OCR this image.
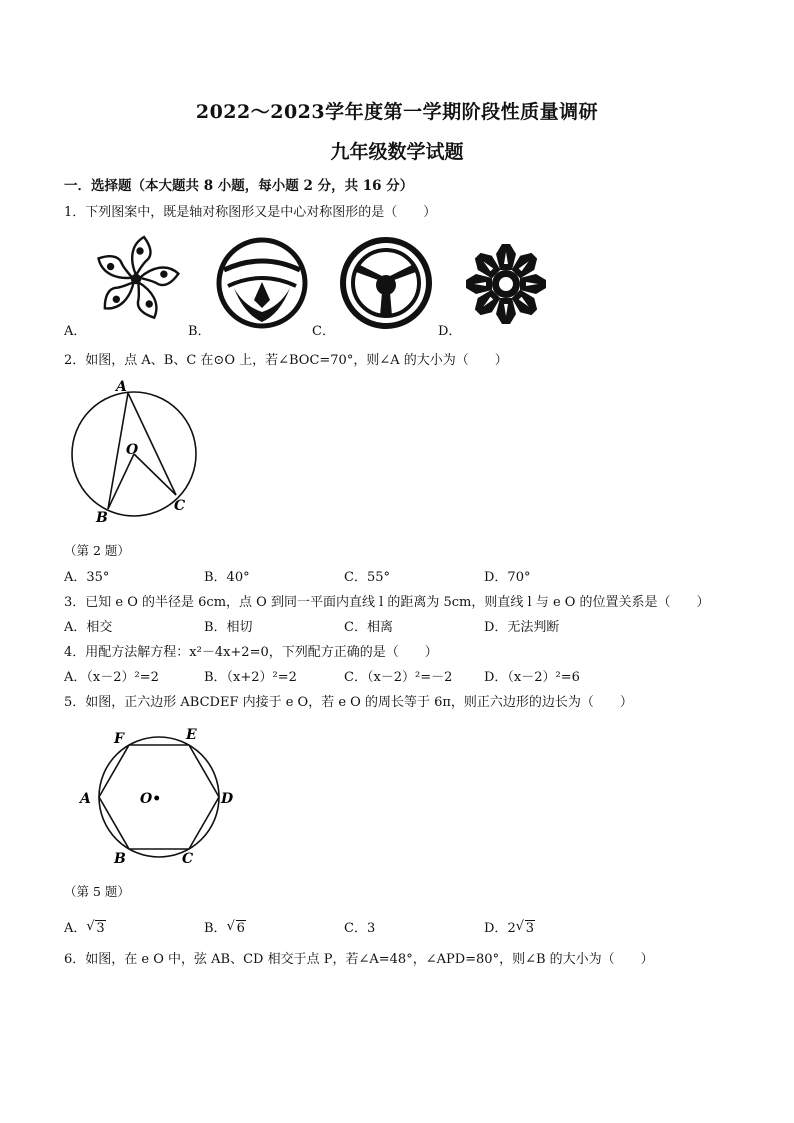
2022～2023学年度第一学期阶段性质量调研
九年级数学试题
一．选择题（本大题共 8 小题，每小题 2 分，共 16 分）
1．下列图案中，既是轴对称图形又是中心对称图形的是（　　）
A．	B．	C．	D．
2．如图，点 A、B、C 在⊙O 上，若∠BOC=70°，则∠A 的大小为（　　）
A
O
B
C
（第 2 题）
A．35°	B．40°	C．55°	D．70°
3．已知 e O 的半径是 6cm，点 O 到同一平面内直线 l 的距离为 5cm，则直线 l 与 e O 的位置关系是（　　）
A．相交	B．相切	C．相离	D．无法判断
4．用配方法解方程：x²－4x+2=0，下列配方正确的是（　　）
A．（x－2）²=2	B．（x+2）²=2	C．（x－2）²=－2 D．（x－2）²=6
5．如图，正六边形 ABCDEF 内接于 e O，若 e O 的周长等于 6π，则正六边形的边长为（　　）
F	E
A	O•	D
B	C
（第 5 题）
A． √ 3	B． √ 6	C．3	D．2 √ 3
6．如图，在 e O 中，弦 AB、CD 相交于点 P，若∠A=48°，∠APD=80°，则∠B 的大小为（　　）
